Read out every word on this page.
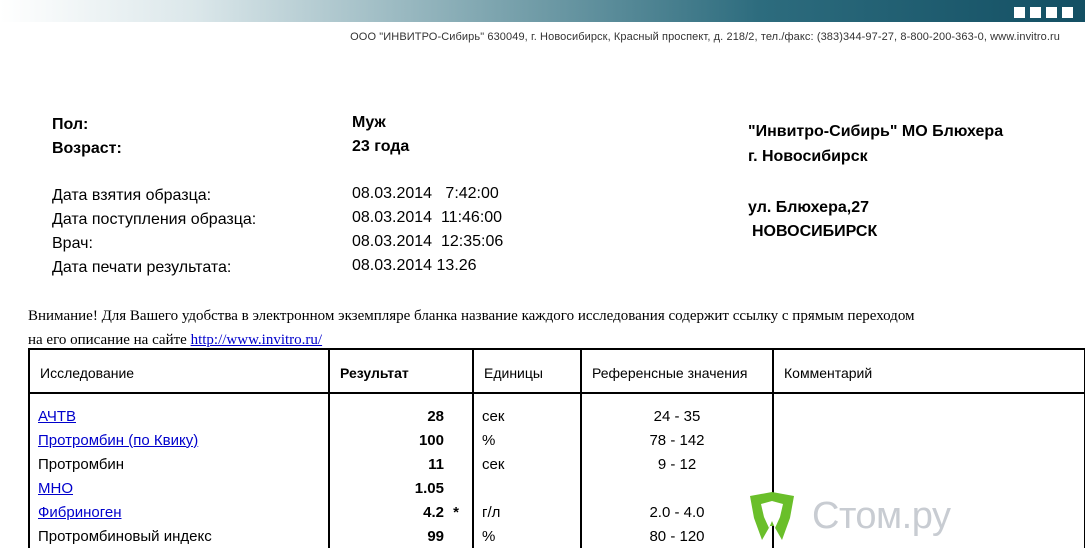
ООО "ИНВИТРО-Сибирь" 630049, г. Новосибирск, Красный проспект, д. 218/2, тел./факс: (383)344-97-27, 8-800-200-363-0, www.invitro.ru
Пол:	Муж
Возраст:	23 года
Дата взятия образца:	08.03.2014   7:42:00
Дата поступления образца:	08.03.2014  11:46:00
Врач:	08.03.2014  12:35:06
Дата печати результата:	08.03.2014 13.26
"Инвитро-Сибирь" МО Блюхера
г. Новосибирск
ул. Блюхера,27
НОВОСИБИРСК
Внимание! Для Вашего удобства в электронном экземпляре бланка название каждого исследования содержит ссылку с прямым переходом
на его описание на сайте http://www.invitro.ru/
Исследование	Результат	Единицы	Референсные значения	Комментарий
АЧТВ	28	сек	24 - 35	
Протромбин (по Квику)	100	%	78 - 142	
Протромбин	11	сек	9 - 12	
МНО	1.05			
Фибриноген	4.2 *	г/л	2.0 - 4.0	
Протромбиновый индекс	99	%	80 - 120		Стом.ру
